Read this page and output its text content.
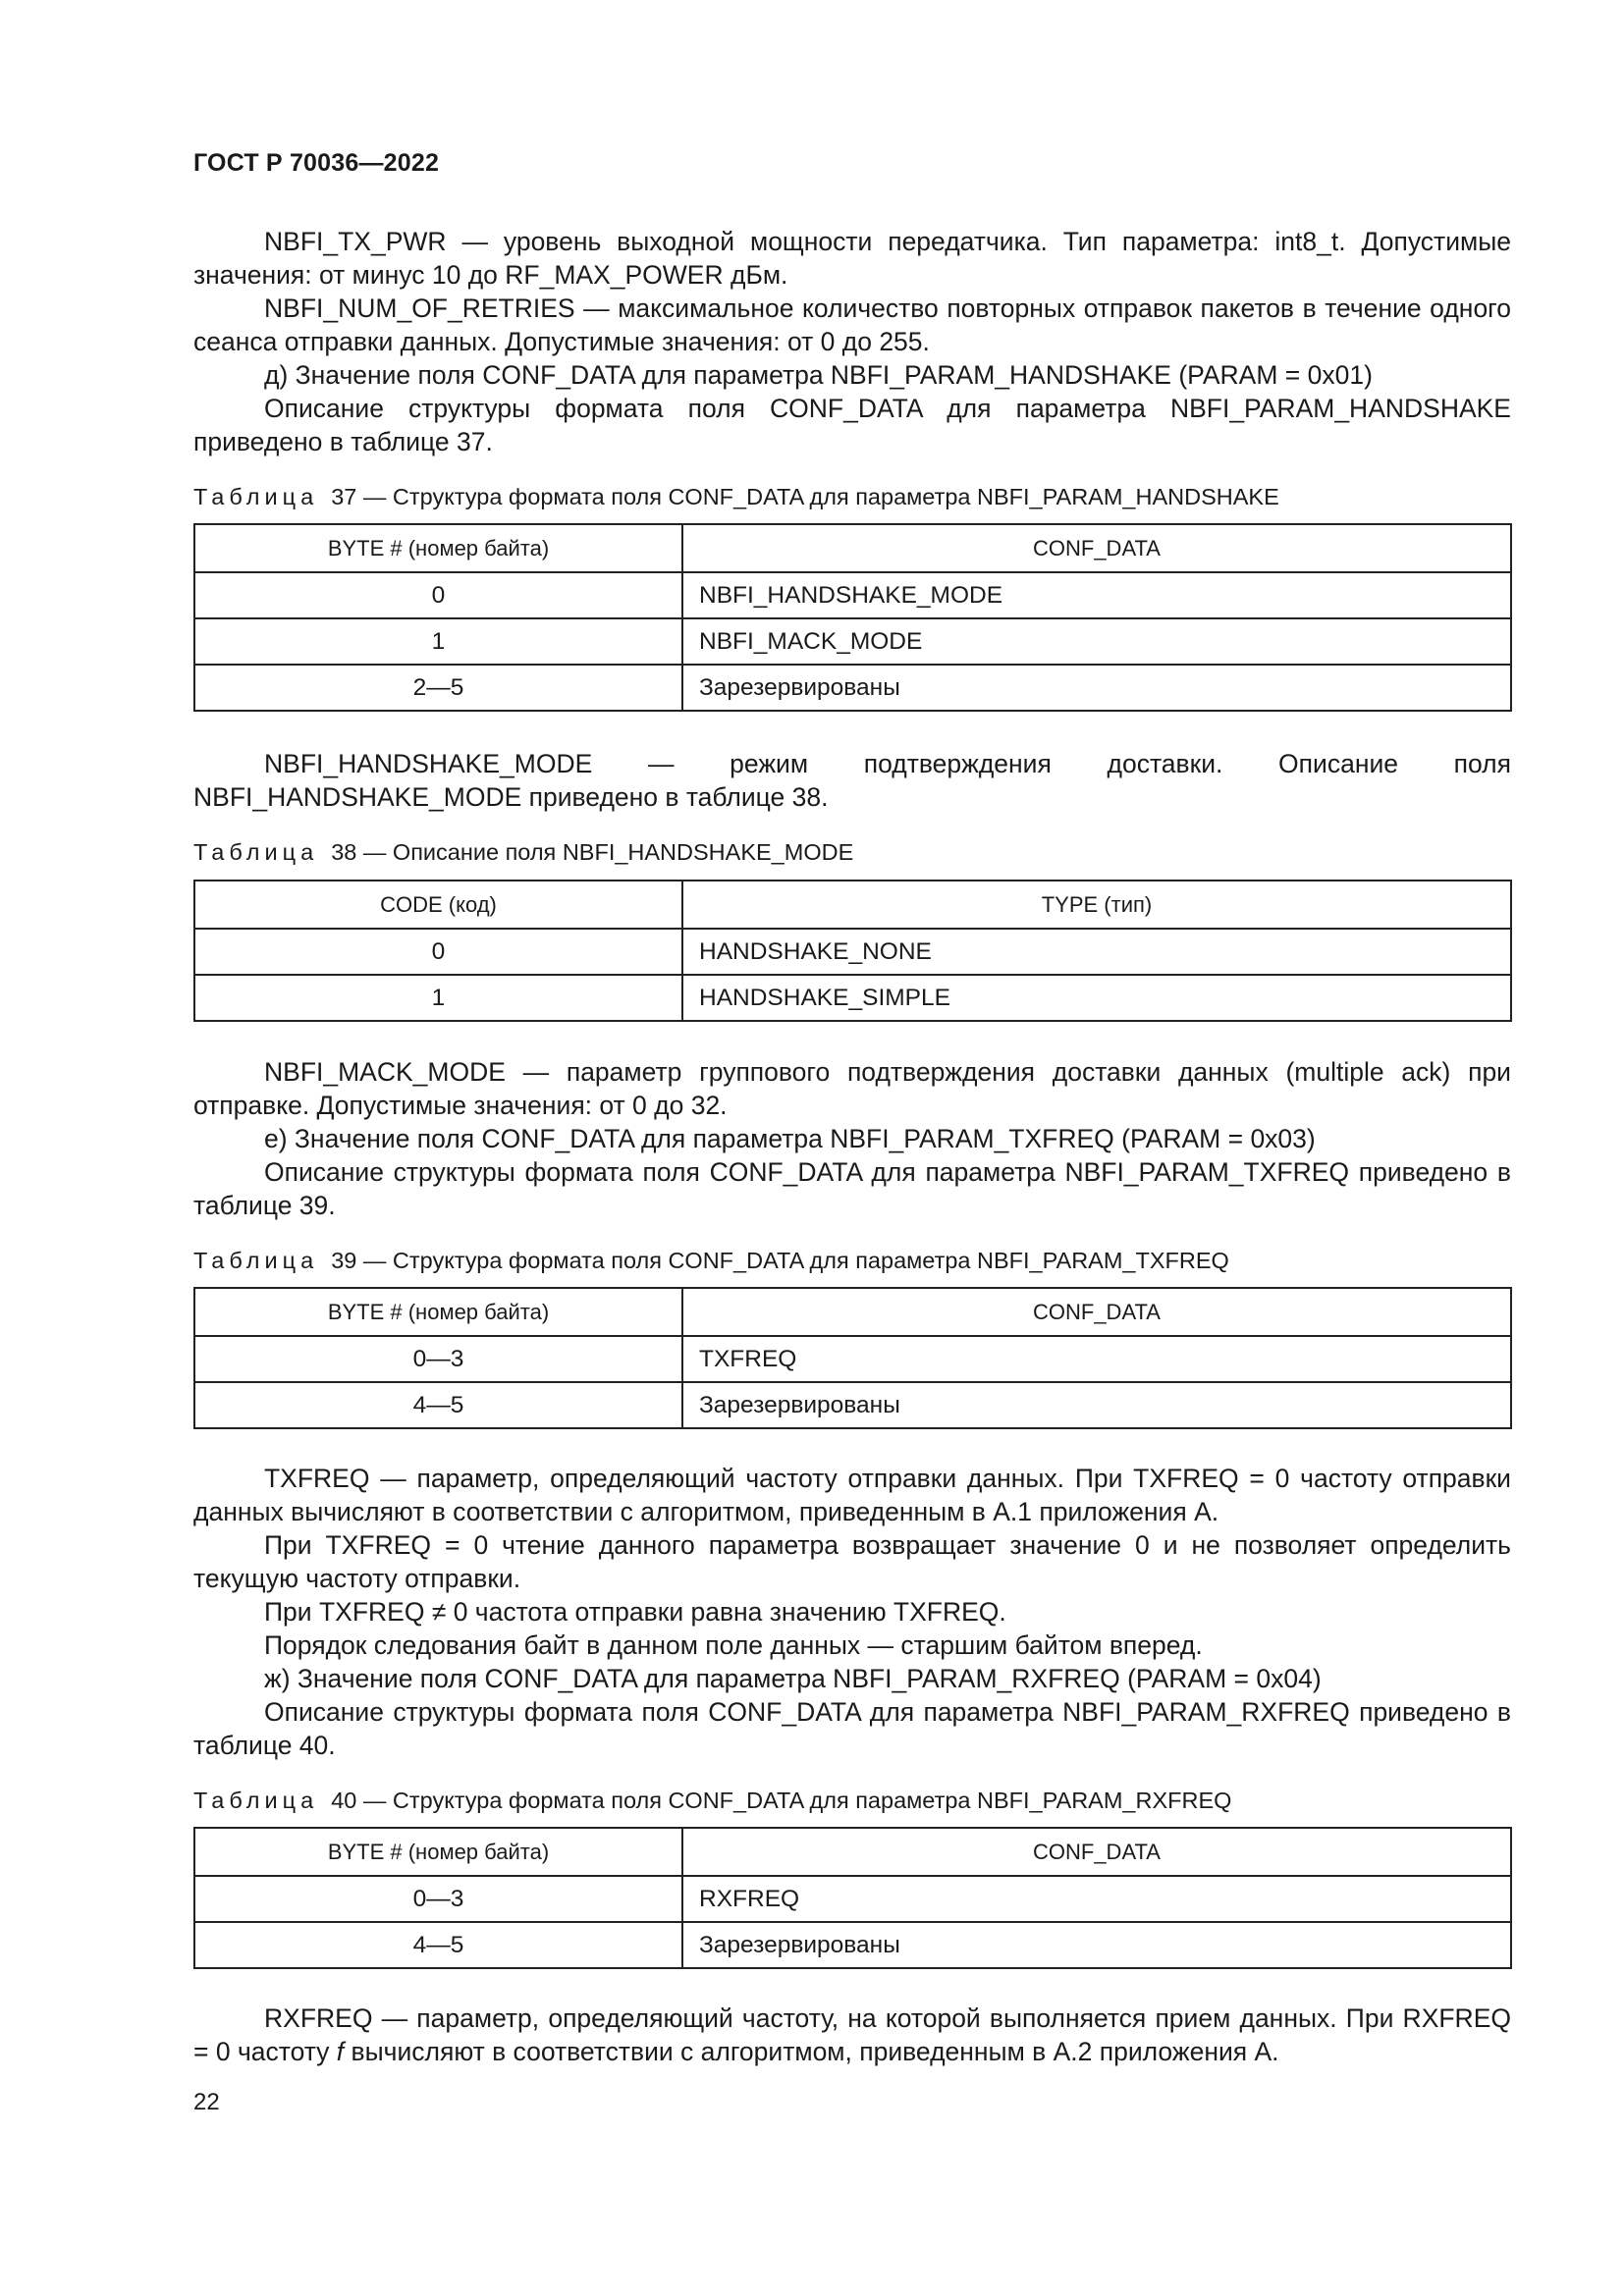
ГОСТ Р 70036—2022

NBFI_TX_PWR — уровень выходной мощности передатчика. Тип параметра: int8_t. Допустимые значения: от минус 10 до RF_MAX_POWER дБм.

NBFI_NUM_OF_RETRIES — максимальное количество повторных отправок пакетов в течение одного сеанса отправки данных. Допустимые значения: от 0 до 255.

д) Значение поля CONF_DATA для параметра NBFI_PARAM_HANDSHAKE (PARAM = 0x01)

Описание структуры формата поля CONF_DATA для параметра NBFI_PARAM_HANDSHAKE приведено в таблице 37.

Таблица 37 — Структура формата поля CONF_DATA для параметра NBFI_PARAM_HANDSHAKE

BYTE # (номер байта)	CONF_DATA
0	NBFI_HANDSHAKE_MODE
1	NBFI_MACK_MODE
2—5	Зарезервированы

NBFI_HANDSHAKE_MODE — режим подтверждения доставки. Описание поля NBFI_HANDSHAKE_MODE приведено в таблице 38.

Таблица 38 — Описание поля NBFI_HANDSHAKE_MODE

CODE (код)	TYPE (тип)
0	HANDSHAKE_NONE
1	HANDSHAKE_SIMPLE

NBFI_MACK_MODE — параметр группового подтверждения доставки данных (multiple ack) при отправке. Допустимые значения: от 0 до 32.

е) Значение поля CONF_DATA для параметра NBFI_PARAM_TXFREQ (PARAM = 0x03)

Описание структуры формата поля CONF_DATA для параметра NBFI_PARAM_TXFREQ приведено в таблице 39.

Таблица 39 — Структура формата поля CONF_DATA для параметра NBFI_PARAM_TXFREQ

BYTE # (номер байта)	CONF_DATA
0—3	TXFREQ
4—5	Зарезервированы

TXFREQ — параметр, определяющий частоту отправки данных. При TXFREQ = 0 частоту отправки данных вычисляют в соответствии с алгоритмом, приведенным в А.1 приложения А.

При TXFREQ = 0 чтение данного параметра возвращает значение 0 и не позволяет определить текущую частоту отправки.

При TXFREQ ≠ 0 частота отправки равна значению TXFREQ.

Порядок следования байт в данном поле данных — старшим байтом вперед.

ж) Значение поля CONF_DATA для параметра NBFI_PARAM_RXFREQ (PARAM = 0x04)

Описание структуры формата поля CONF_DATA для параметра NBFI_PARAM_RXFREQ приведено в таблице 40.

Таблица 40 — Структура формата поля CONF_DATA для параметра NBFI_PARAM_RXFREQ

BYTE # (номер байта)	CONF_DATA
0—3	RXFREQ
4—5	Зарезервированы

RXFREQ — параметр, определяющий частоту, на которой выполняется прием данных. При RXFREQ = 0 частоту f вычисляют в соответствии с алгоритмом, приведенным в А.2 приложения А.

22
